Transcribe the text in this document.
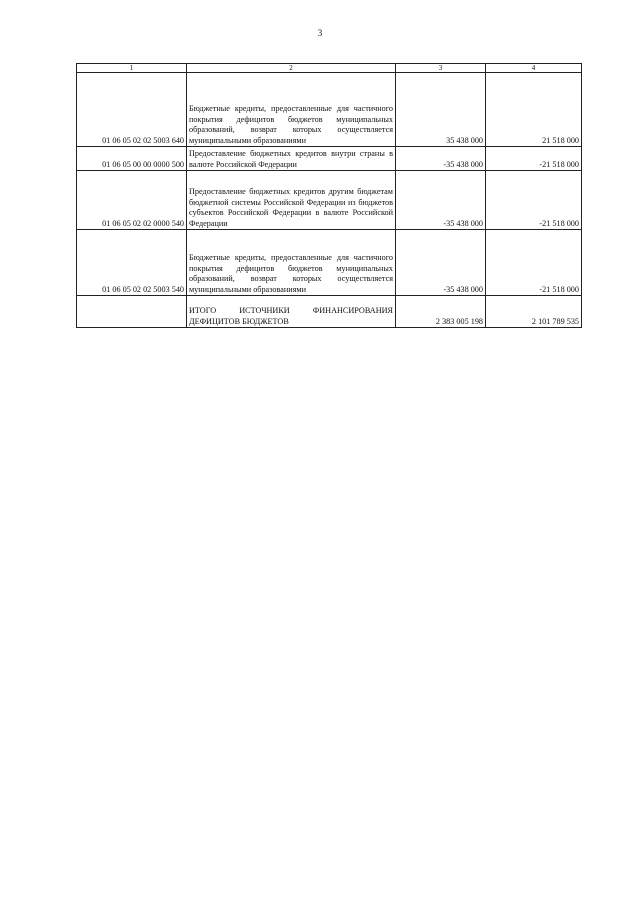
3
1	2	3	4
01 06 05 02 02 5003 640	Бюджетные кредиты, предоставленные для частичного покрытия дефицитов бюджетов муниципальных образований, возврат которых осуществляется муниципальными образованиями	35 438 000	21 518 000
01 06 05 00 00 0000 500	Предоставление бюджетных кредитов внутри страны в валюте Российской Федерации	-35 438 000	-21 518 000
01 06 05 02 02 0000 540	Предоставление бюджетных кредитов другим бюджетам бюджетной системы Российской Федерации из бюджетов субъектов Российской Федерации в валюте Российской Федерации	-35 438 000	-21 518 000
01 06 05 02 02 5003 540	Бюджетные кредиты, предоставленные для частичного покрытия дефицитов бюджетов муниципальных образований, возврат которых осуществляется муниципальными образованиями	-35 438 000	-21 518 000
	ИТОГО ИСТОЧНИКИ ФИНАНСИРОВАНИЯ ДЕФИЦИТОВ БЮДЖЕТОВ	2 383 005 198	2 101 789 535
